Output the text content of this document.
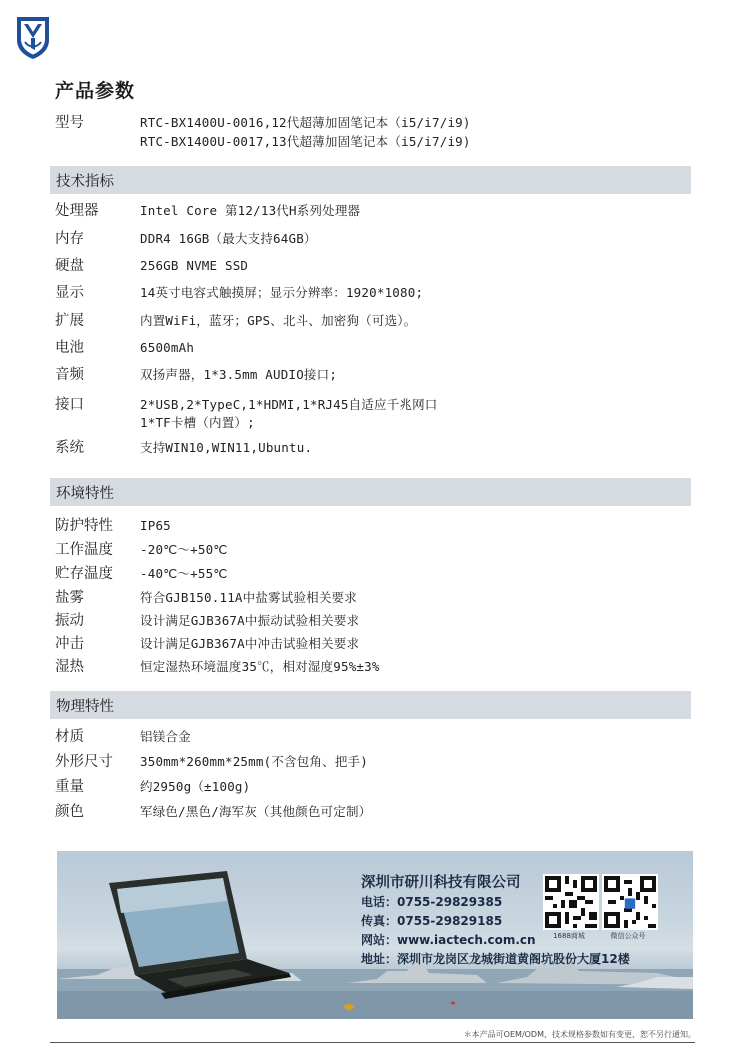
产品参数
型号	RTC-BX1400U-0016,12代超薄加固笔记本（i5/i7/i9)
RTC-BX1400U-0017,13代超薄加固笔记本（i5/i7/i9)
技术指标
处理器	Intel Core 第12/13代H系列处理器
内存	DDR4 16GB（最大支持64GB）
硬盘	256GB NVME SSD
显示	14英寸电容式触摸屏；显示分辨率：1920*1080;
扩展	内置WiFi，蓝牙；GPS、北斗、加密狗（可选）。
电池	6500mAh
音频	双扬声器，1*3.5mm AUDIO接口;
接口	2*USB,2*TypeC,1*HDMI,1*RJ45自适应千兆网口
1*TF卡槽（内置）;
系统	支持WIN10,WIN11,Ubuntu.
环境特性
防护特性	IP65
工作温度	-20℃～+50℃
贮存温度	-40℃～+55℃
盐雾	符合GJB150.11A中盐雾试验相关要求
振动	设计满足GJB367A中振动试验相关要求
冲击	设计满足GJB367A中冲击试验相关要求
湿热	恒定湿热环境温度35℃，相对湿度95%±3%
物理特性
材质	铝镁合金
外形尺寸	350mm*260mm*25mm(不含包角、把手)
重量	约2950g（±100g)
颜色	军绿色/黑色/海军灰（其他颜色可定制）
深圳市研川科技有限公司
电话：0755-29829385
传真：0755-29829185
网站：www.iactech.com.cn
地址：深圳市龙岗区龙城街道黄阁坑股份大厦12楼
1688商城	微信公众号
＊本产品可OEM/ODM，技术规格参数如有变更，恕不另行通知。
